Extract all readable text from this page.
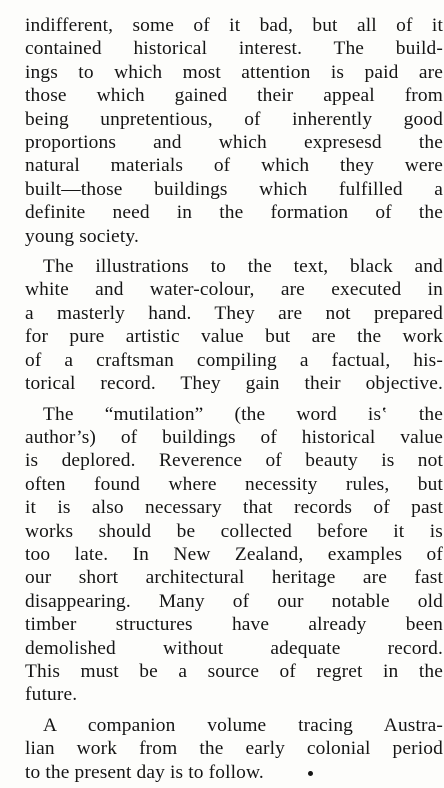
indifferent, some of it bad, but all of it
contained historical interest. The build-
ings to which most attention is paid are
those which gained their appeal from
being unpretentious, of inherently good
proportions and which expresesd the
natural materials of which they were
built—those buildings which fulfilled a
definite need in the formation of the
young society.

The illustrations to the text, black and
white and water-colour, are executed in
a masterly hand. They are not prepared
for pure artistic value but are the work
of a craftsman compiling a factual, his-
torical record. They gain their objective.

The “mutilation” (the word isʽ the
author’s) of buildings of historical value
is deplored. Reverence of beauty is not
often found where necessity rules, but
it is also necessary that records of past
works should be collected before it is
too late. In New Zealand, examples of
our short architectural heritage are fast
disappearing. Many of our notable old
timber structures have already been
demolished without adequate record.
This must be a source of regret in the
future.

A companion volume tracing Austra-
lian work from the early colonial period
to the present day is to follow.
